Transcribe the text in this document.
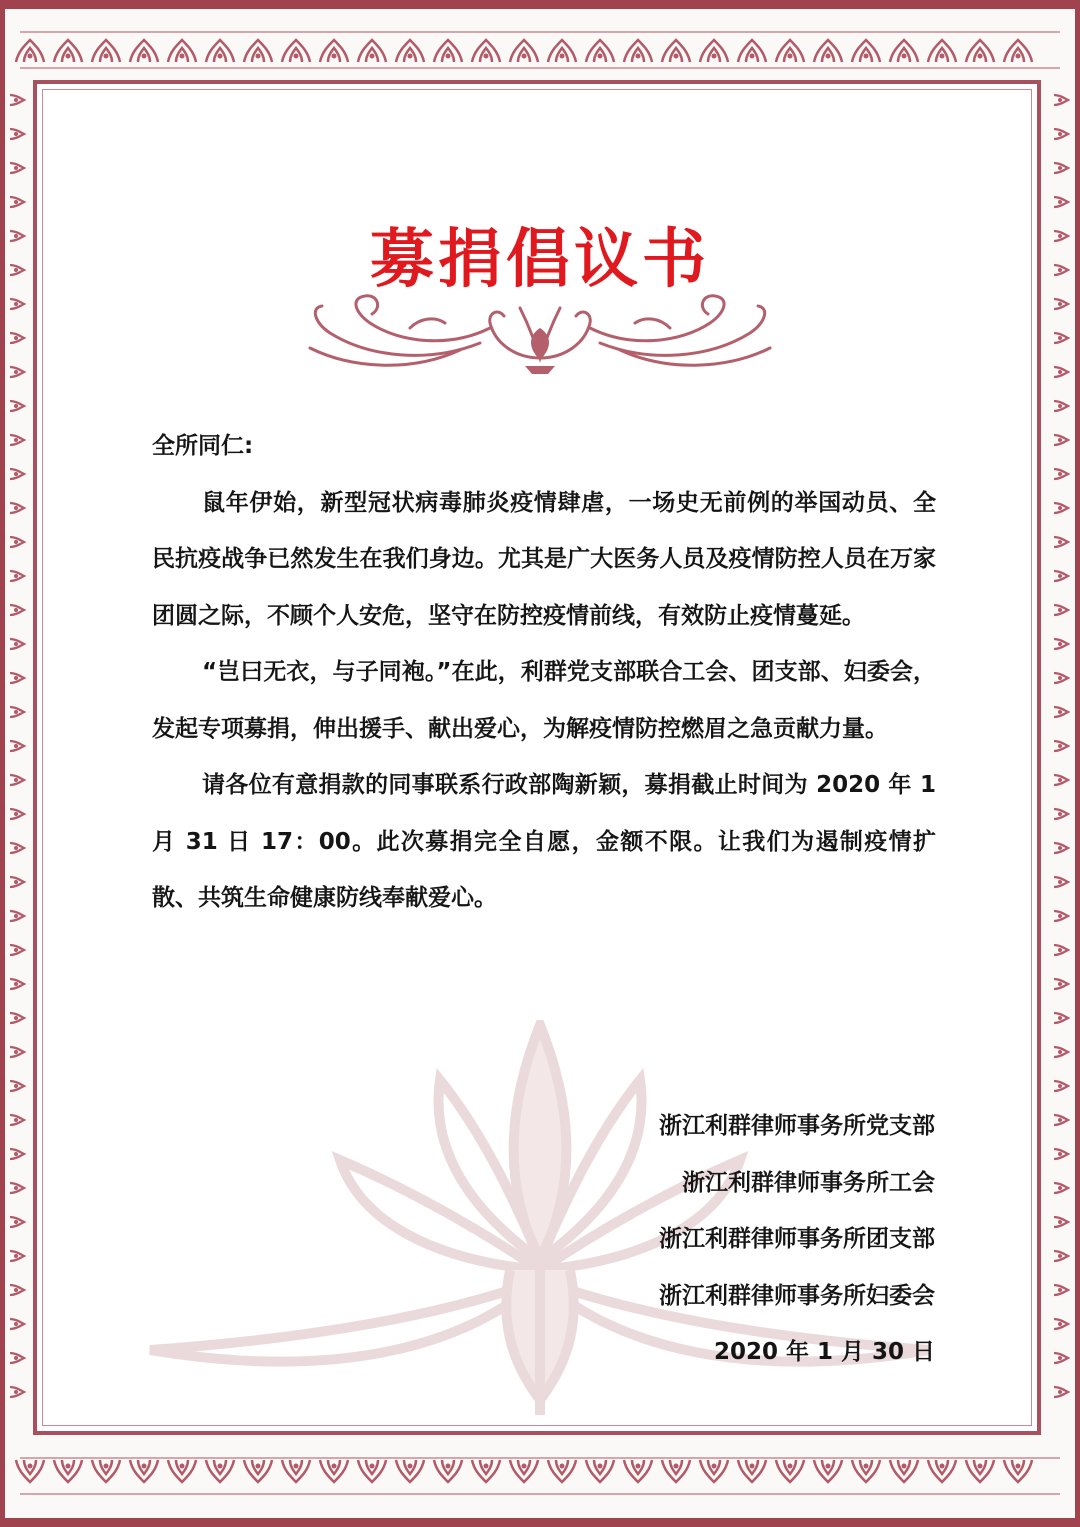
募捐倡议书

全所同仁:

鼠年伊始，新型冠状病毒肺炎疫情肆虐，一场史无前例的举国动员、全民抗疫战争已然发生在我们身边。尤其是广大医务人员及疫情防控人员在万家团圆之际，不顾个人安危，坚守在防控疫情前线，有效防止疫情蔓延。

“岂曰无衣，与子同袍。”在此，利群党支部联合工会、团支部、妇委会，发起专项募捐，伸出援手、献出爱心，为解疫情防控燃眉之急贡献力量。

请各位有意捐款的同事联系行政部陶新颖，募捐截止时间为 2020 年 1 月 31 日 17：00。此次募捐完全自愿，金额不限。让我们为遏制疫情扩散、共筑生命健康防线奉献爱心。

浙江利群律师事务所党支部
浙江利群律师事务所工会
浙江利群律师事务所团支部
浙江利群律师事务所妇委会
2020 年 1 月 30 日
